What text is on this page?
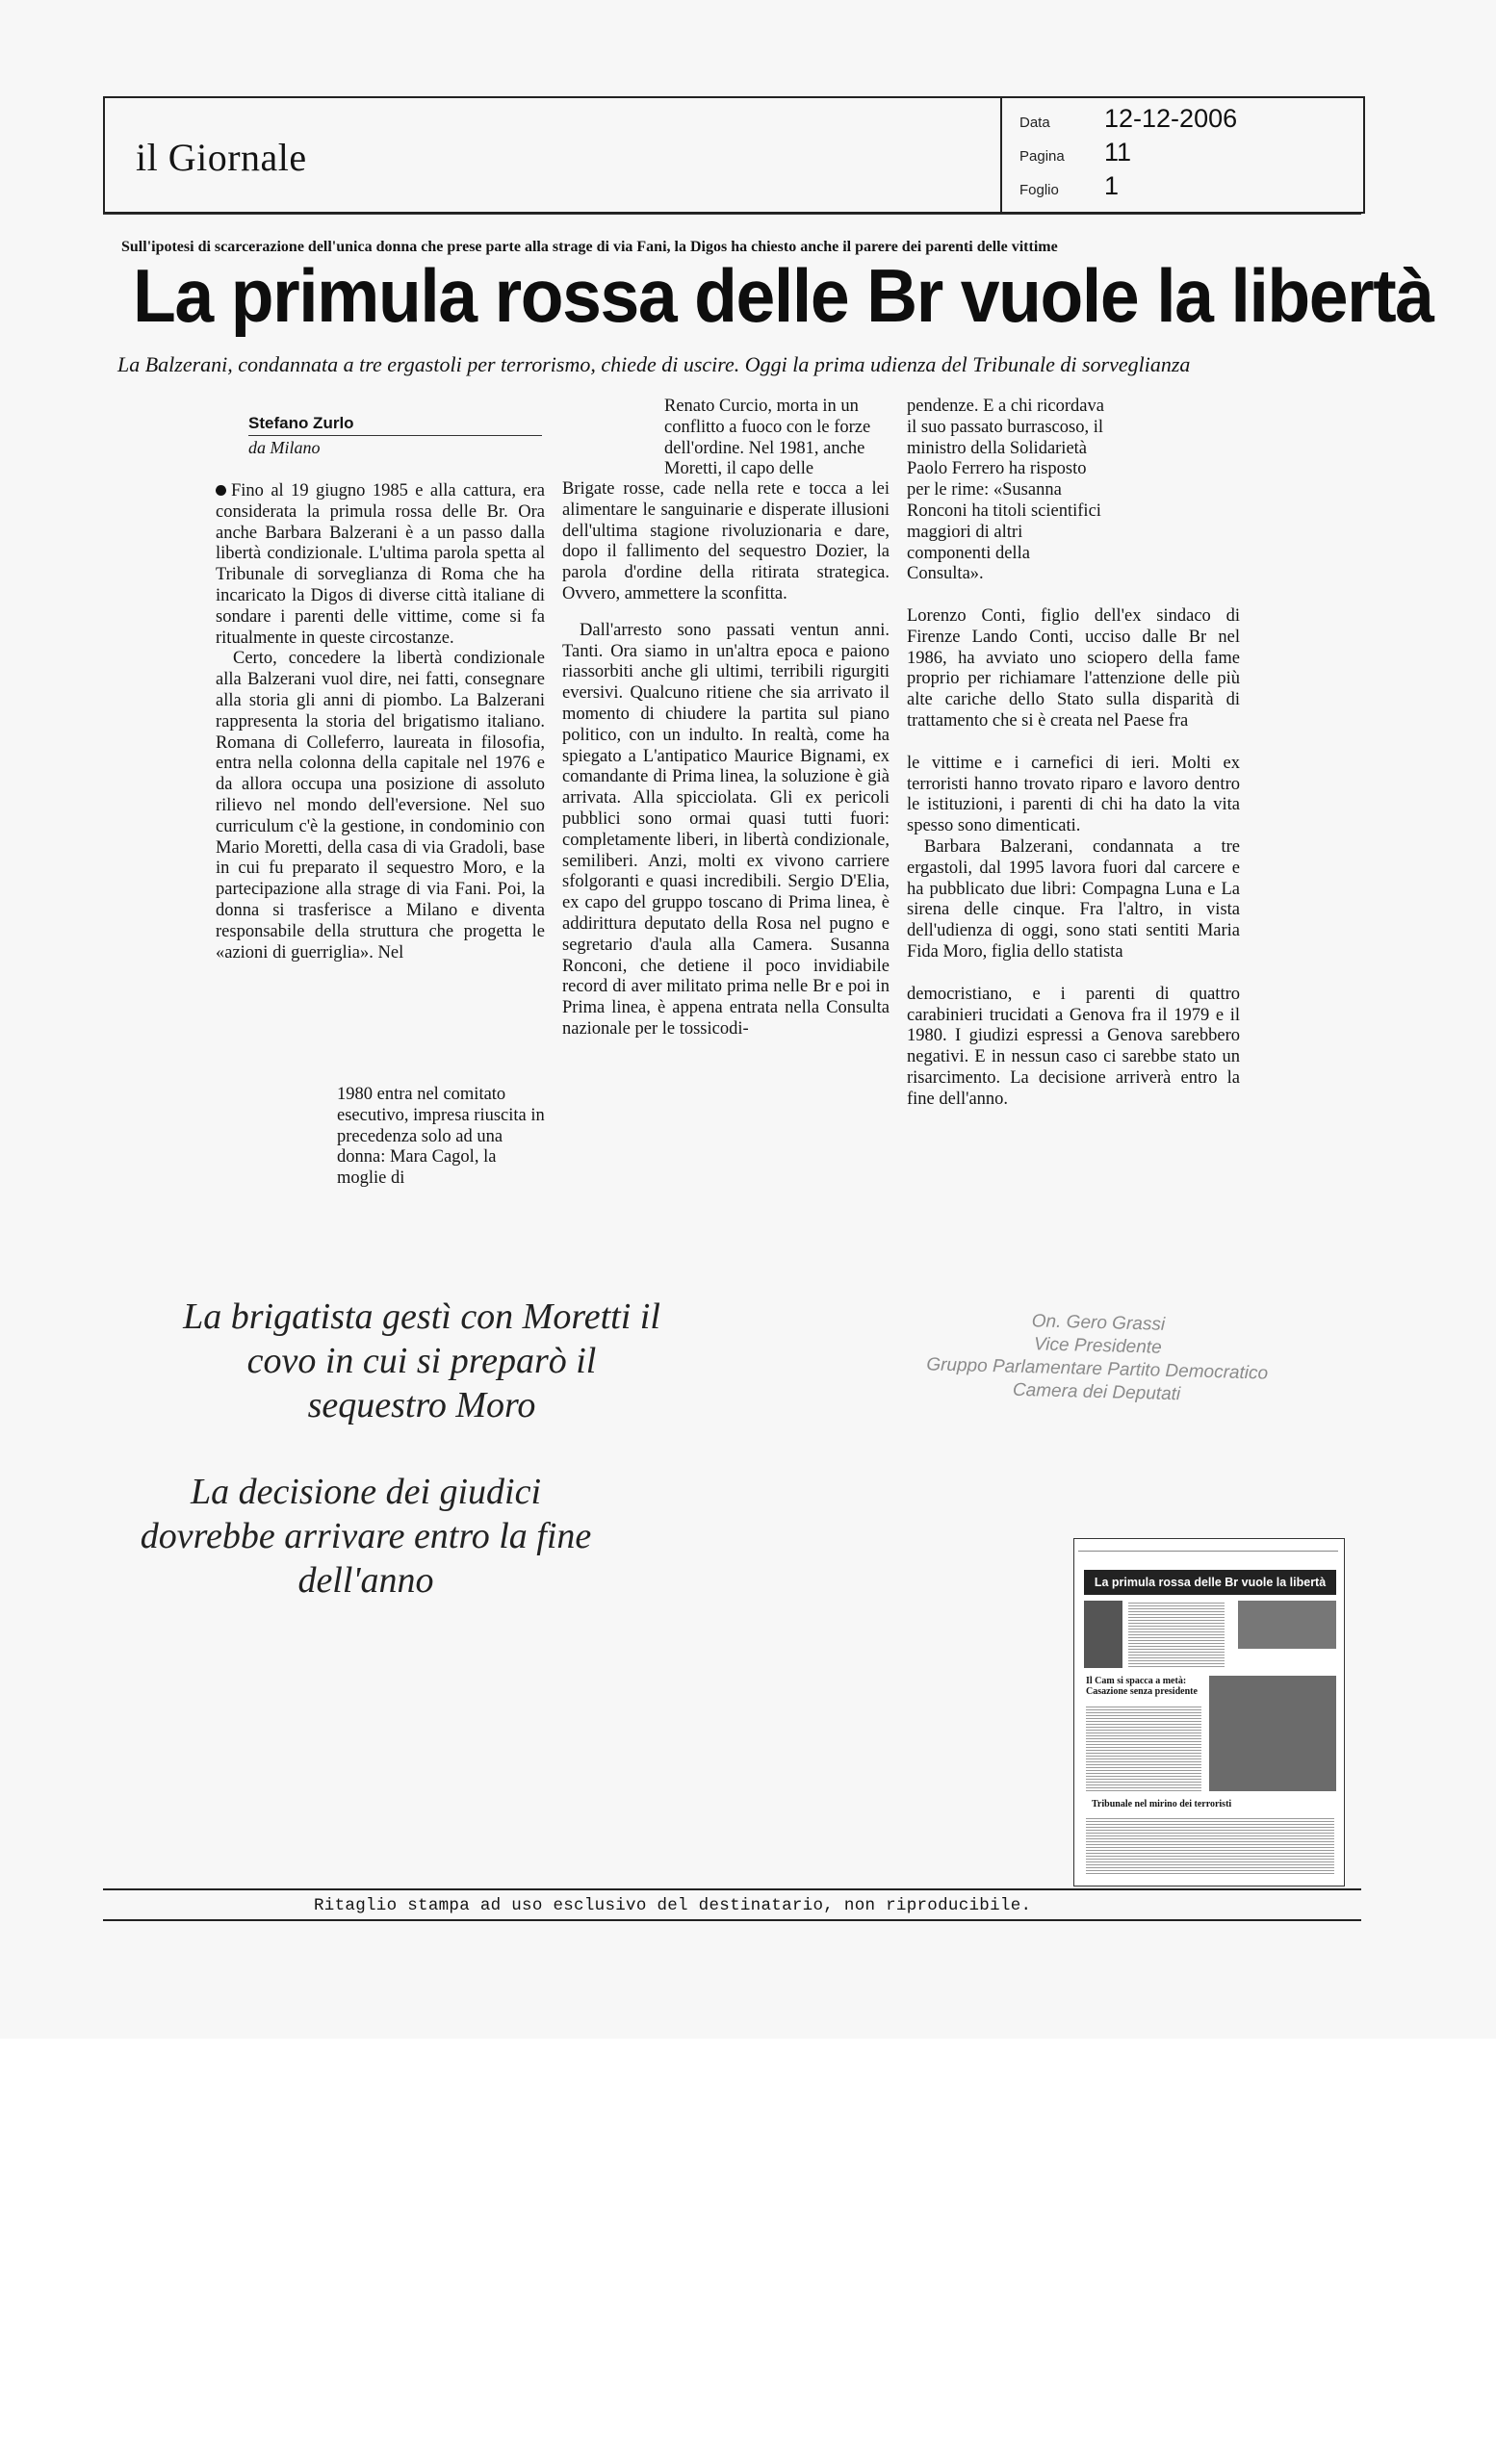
il Giornale
Data	12-12-2006
Pagina	11
Foglio	1
Sull'ipotesi di scarcerazione dell'unica donna che prese parte alla strage di via Fani, la Digos ha chiesto anche il parere dei parenti delle vittime
La primula rossa delle Br vuole la libertà
La Balzerani, condannata a tre ergastoli per terrorismo, chiede di uscire. Oggi la prima udienza del Tribunale di sorveglianza
Stefano Zurlo
da Milano

Fino al 19 giugno 1985 e alla cattura, era considerata la primula rossa delle Br. Ora anche Barbara Balzerani è a un passo dalla libertà condizionale. L'ultima parola spetta al Tribunale di sorveglianza di Roma che ha incaricato la Digos di diverse città italiane di sondare i parenti delle vittime, come si fa ritualmente in queste circostanze.

Certo, concedere la libertà condizionale alla Balzerani vuol dire, nei fatti, consegnare alla storia gli anni di piombo. La Balzerani rappresenta la storia del brigatismo italiano. Romana di Colleferro, laureata in filosofia, entra nella colonna della capitale nel 1976 e da allora occupa una posizione di assoluto rilievo nel mondo dell'eversione. Nel suo curriculum c'è la gestione, in condominio con Mario Moretti, della casa di via Gradoli, base in cui fu preparato il sequestro Moro, e la partecipazione alla strage di via Fani. Poi, la donna si trasferisce a Milano e diventa responsabile della struttura che progetta le «azioni di guerriglia». Nel

1980 entra nel comitato esecutivo, impresa riuscita in precedenza solo ad una donna: Mara Cagol, la moglie di

Renato Curcio, morta in un conflitto a fuoco con le forze dell'ordine. Nel 1981, anche Moretti, il capo delle

Brigate rosse, cade nella rete e tocca a lei alimentare le sanguinarie e disperate illusioni dell'ultima stagione rivoluzionaria e dare, dopo il fallimento del sequestro Dozier, la parola d'ordine della ritirata strategica. Ovvero, ammettere la sconfitta.

Dall'arresto sono passati ventun anni. Tanti. Ora siamo in un'altra epoca e paiono riassorbiti anche gli ultimi, terribili rigurgiti eversivi. Qualcuno ritiene che sia arrivato il momento di chiudere la partita sul piano politico, con un indulto. In realtà, come ha spiegato a L'antipatico Maurice Bignami, ex comandante di Prima linea, la soluzione è già arrivata. Alla spicciolata. Gli ex pericoli pubblici sono ormai quasi tutti fuori: completamente liberi, in libertà condizionale, semiliberi. Anzi, molti ex vivono carriere sfolgoranti e quasi incredibili. Sergio D'Elia, ex capo del gruppo toscano di Prima linea, è addirittura deputato della Rosa nel pugno e segretario d'aula alla Camera. Susanna Ronconi, che detiene il poco invidiabile record di aver militato prima nelle Br e poi in Prima linea, è appena entrata nella Consulta nazionale per le tossicodi-

pendenze. E a chi ricordava il suo passato burrascoso, il ministro della Solidarietà Paolo Ferrero ha risposto per le rime: «Susanna Ronconi ha titoli scientifici maggiori di altri componenti della Consulta».

Lorenzo Conti, figlio dell'ex sindaco di Firenze Lando Conti, ucciso dalle Br nel 1986, ha avviato uno sciopero della fame proprio per richiamare l'attenzione delle più alte cariche dello Stato sulla disparità di trattamento che si è creata nel Paese fra

le vittime e i carnefici di ieri. Molti ex terroristi hanno trovato riparo e lavoro dentro le istituzioni, i parenti di chi ha dato la vita spesso sono dimenticati.

Barbara Balzerani, condannata a tre ergastoli, dal 1995 lavora fuori dal carcere e ha pubblicato due libri: Compagna Luna e La sirena delle cinque. Fra l'altro, in vista dell'udienza di oggi, sono stati sentiti Maria Fida Moro, figlia dello statista

democristiano, e i parenti di quattro carabinieri trucidati a Genova fra il 1979 e il 1980. I giudizi espressi a Genova sarebbero negativi. E in nessun caso ci sarebbe stato un risarcimento. La decisione arriverà entro la fine dell'anno.

La brigatista gestì con Moretti il covo in cui si preparò il sequestro Moro
La decisione dei giudici dovrebbe arrivare entro la fine dell'anno
On. Gero Grassi
Vice Presidente
Gruppo Parlamentare Partito Democratico
Camera dei Deputati
La primula rossa delle Br vuole la libertà
Il Cam si spacca a metà: Casazione senza presidente
Tribunale nel mirino dei terroristi
Ritaglio stampa ad uso esclusivo del destinatario, non riproducibile.
